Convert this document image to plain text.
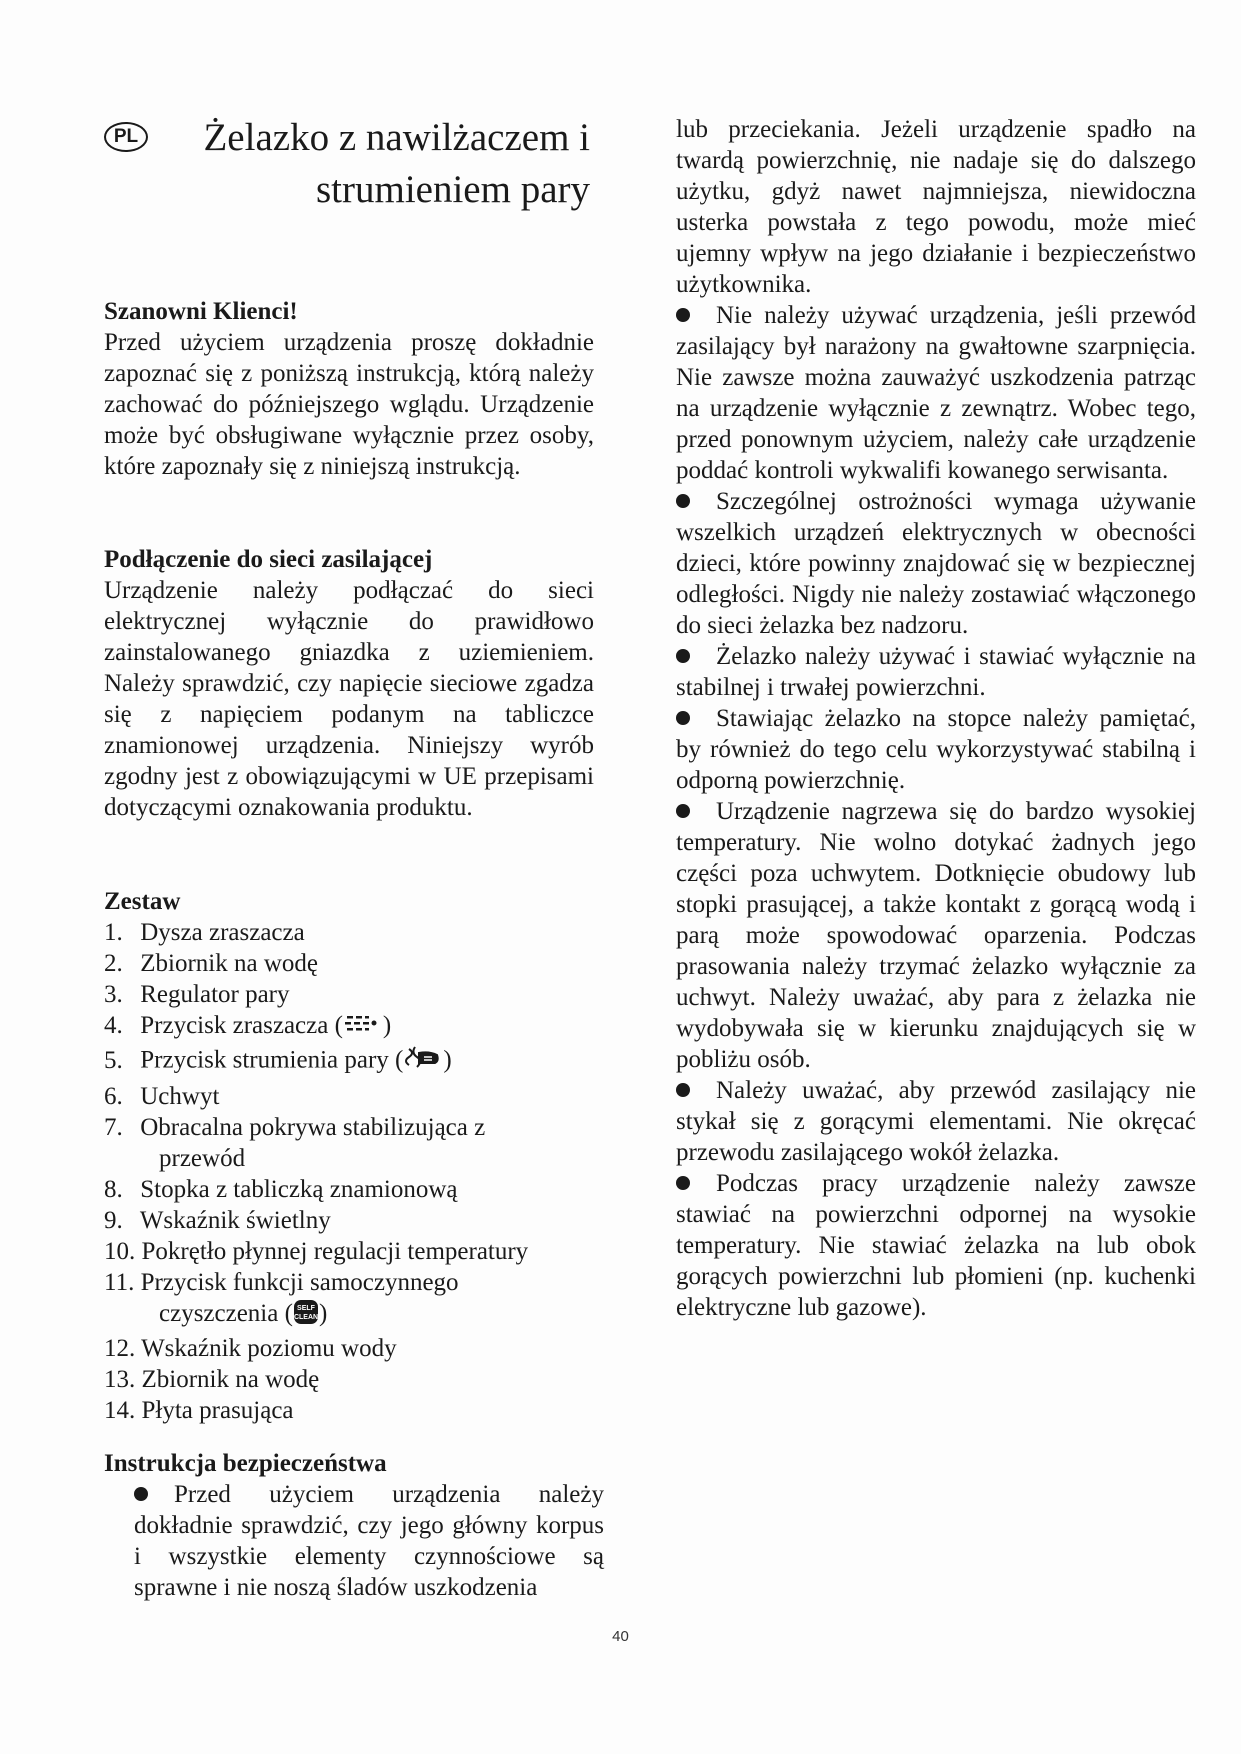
PL	Żelazko z nawilżaczem i
strumieniem pary
Szanowni Klienci!

Przed użyciem urządzenia proszę dokładnie zapoznać się z poniższą instrukcją, którą należy zachować do późniejszego wglądu. Urządzenie może być obsługiwane wyłącznie przez osoby, które zapoznały się z niniejszą instrukcją.

Podłączenie do sieci zasilającej

Urządzenie należy podłączać do sieci elektrycznej wyłącznie do prawidłowo zainstalowanego gniazdka z uziemieniem. Należy sprawdzić, czy napięcie sieciowe zgadza się z napięciem podanym na tabliczce znamionowej urządzenia. Niniejszy wyrób zgodny jest z obowiązującymi w UE przepisami dotyczącymi oznakowania produktu.

Zestaw
1. Dysza zraszacza
2. Zbiornik na wodę
3. Regulator pary
4. Przycisk zraszacza ( )
5. Przycisk strumienia pary ( )
6. Uchwyt
7. Obracalna pokrywa stabilizująca z
przewód
8. Stopka z tabliczką znamionową
9. Wskaźnik świetlny
10. Pokrętło płynnej regulacji temperatury
11. Przycisk funkcji samoczynnego
czyszczenia ( SELF
CLEAN )
12. Wskaźnik poziomu wody
13. Zbiornik na wodę
14. Płyta prasująca
Instrukcja bezpieczeństwa

Przed użyciem urządzenia należy dokładnie sprawdzić, czy jego główny korpus i wszystkie elementy czynnościowe są sprawne i nie noszą śladów uszkodzenia

lub przeciekania. Jeżeli urządzenie spadło na twardą powierzchnię, nie nadaje się do dalszego użytku, gdyż nawet najmniejsza, niewidoczna usterka powstała z tego powodu, może mieć ujemny wpływ na jego działanie i bezpieczeństwo użytkownika.

Nie należy używać urządzenia, jeśli przewód zasilający był narażony na gwałtowne szarpnięcia. Nie zawsze można zauważyć uszkodzenia patrząc na urządzenie wyłącznie z zewnątrz. Wobec tego, przed ponownym użyciem, należy całe urządzenie poddać kontroli wykwalifi kowanego serwisanta.

Szczególnej ostrożności wymaga używanie wszelkich urządzeń elektrycznych w obecności dzieci, które powinny znajdować się w bezpiecznej odległości. Nigdy nie należy zostawiać włączonego do sieci żelazka bez nadzoru.

Żelazko należy używać i stawiać wyłącznie na stabilnej i trwałej powierzchni.

Stawiając żelazko na stopce należy pamiętać, by również do tego celu wykorzystywać stabilną i odporną powierzchnię.

Urządzenie nagrzewa się do bardzo wysokiej temperatury. Nie wolno dotykać żadnych jego części poza uchwytem. Dotknięcie obudowy lub stopki prasującej, a także kontakt z gorącą wodą i parą może spowodować oparzenia. Podczas prasowania należy trzymać żelazko wyłącznie za uchwyt. Należy uważać, aby para z żelazka nie wydobywała się w kierunku znajdujących się w pobliżu osób.

Należy uważać, aby przewód zasilający nie stykał się z gorącymi elementami. Nie okręcać przewodu zasilającego wokół żelazka.

Podczas pracy urządzenie należy zawsze stawiać na powierzchni odpornej na wysokie temperatury. Nie stawiać żelazka na lub obok gorących powierzchni lub płomieni (np. kuchenki elektryczne lub gazowe).

40
